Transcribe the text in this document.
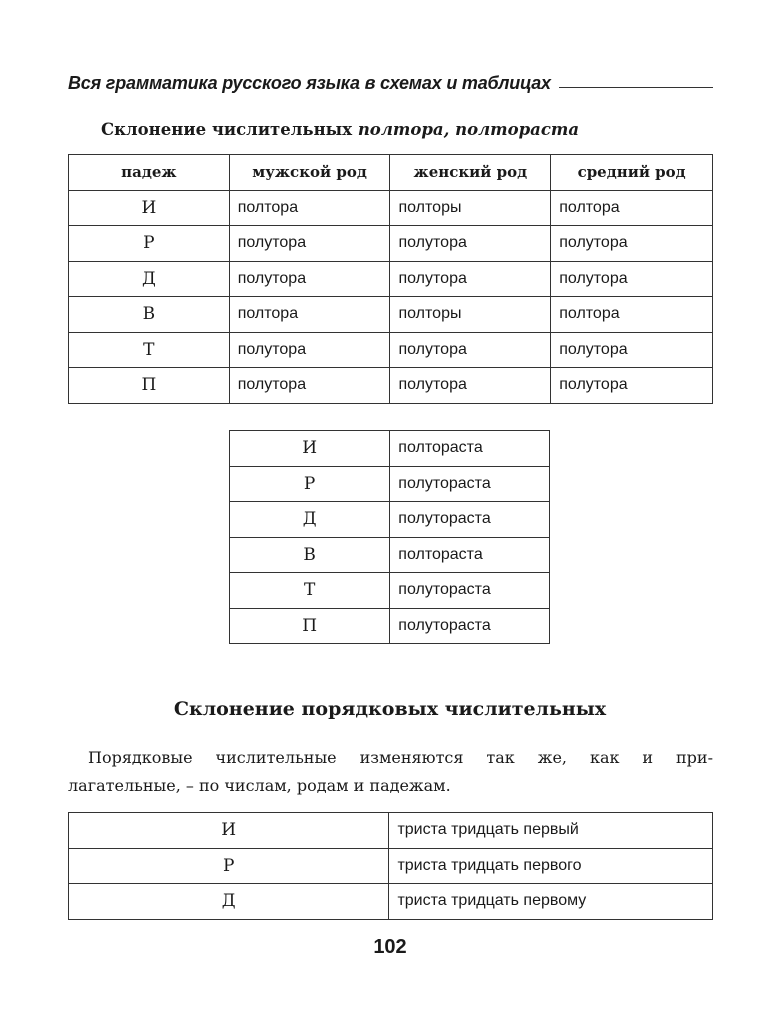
Вся грамматика русского языка в схемах и таблицах
Склонение числительных полтора, полтораста
падеж	мужской род	женский род	средний род
И	полтора	полторы	полтора
Р	полутора	полутора	полутора
Д	полутора	полутора	полутора
В	полтора	полторы	полтора
Т	полутора	полутора	полутора
П	полутора	полутора	полутора
И	полтораста
Р	полутораста
Д	полутораста
В	полтораста
Т	полутораста
П	полутораста
Склонение порядковых числительных
Порядковые числительные изменяются так же, как и при-
лагательные, – по числам, родам и падежам.
И	триста тридцать первый
Р	триста тридцать первого
Д	триста тридцать первому
102
